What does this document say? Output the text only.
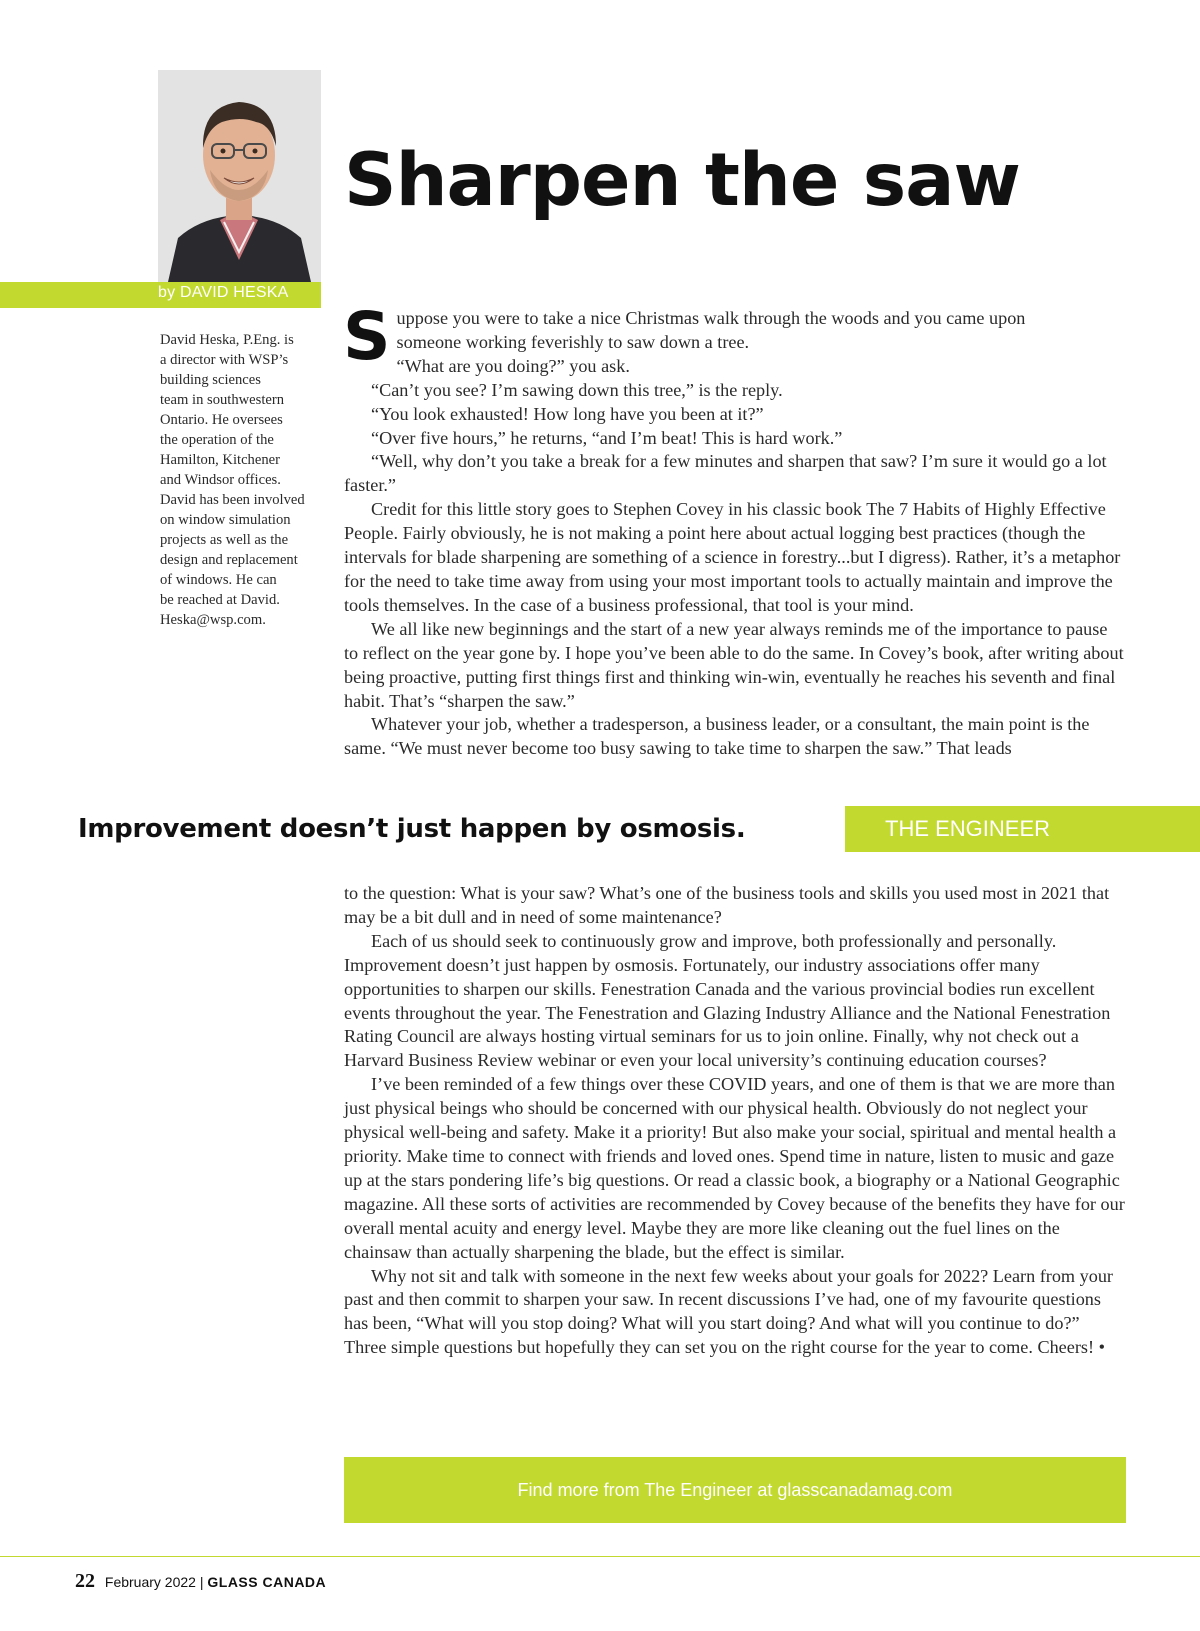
by DAVID HESKA
David Heska, P.Eng. is
a director with WSP’s
building sciences
team in southwestern
Ontario. He oversees
the operation of the
Hamilton, Kitchener
and Windsor offices.
David has been involved
on window simulation
projects as well as the
design and replacement
of windows. He can
be reached at David.
Heska@wsp.com.
Sharpen the saw

S uppose you were to take a nice Christmas walk through the woods and you came upon
someone working feverishly to saw down a tree.
“What are you doing?” you ask.

“Can’t you see? I’m sawing down this tree,” is the reply.

“You look exhausted! How long have you been at it?”

“Over five hours,” he returns, “and I’m beat! This is hard work.”

“Well, why don’t you take a break for a few minutes and sharpen that saw? I’m sure it would go a lot faster.”

Credit for this little story goes to Stephen Covey in his classic book The 7 Habits of Highly Effective People. Fairly obviously, he is not making a point here about actual logging best practices (though the intervals for blade sharpening are something of a science in forestry...but I digress). Rather, it’s a metaphor for the need to take time away from using your most important tools to actually maintain and improve the tools themselves. In the case of a business professional, that tool is your mind.

We all like new beginnings and the start of a new year always reminds me of the importance to pause to reflect on the year gone by. I hope you’ve been able to do the same. In Covey’s book, after writing about being proactive, putting first things first and thinking win-win, eventually he reaches his seventh and final habit. That’s “sharpen the saw.”

Whatever your job, whether a tradesperson, a business leader, or a consultant, the main point is the same. “We must never become too busy sawing to take time to sharpen the saw.” That leads

Improvement doesn’t just happen by osmosis.	THE ENGINEER

to the question: What is your saw? What’s one of the business tools and skills you used most in 2021 that may be a bit dull and in need of some maintenance?

Each of us should seek to continuously grow and improve, both professionally and personally. Improvement doesn’t just happen by osmosis. Fortunately, our industry associations offer many opportunities to sharpen our skills. Fenestration Canada and the various provincial bodies run excellent events throughout the year. The Fenestration and Glazing Industry Alliance and the National Fenestration Rating Council are always hosting virtual seminars for us to join online. Finally, why not check out a Harvard Business Review webinar or even your local university’s continuing education courses?

I’ve been reminded of a few things over these COVID years, and one of them is that we are more than just physical beings who should be concerned with our physical health. Obviously do not neglect your physical well-being and safety. Make it a priority! But also make your social, spiritual and mental health a priority. Make time to connect with friends and loved ones. Spend time in nature, listen to music and gaze up at the stars pondering life’s big questions. Or read a classic book, a biography or a National Geographic magazine. All these sorts of activities are recommended by Covey because of the benefits they have for our overall mental acuity and energy level. Maybe they are more like cleaning out the fuel lines on the chainsaw than actually sharpening the blade, but the effect is similar.

Why not sit and talk with someone in the next few weeks about your goals for 2022? Learn from your past and then commit to sharpen your saw. In recent discussions I’ve had, one of my favourite questions has been, “What will you stop doing? What will you start doing? And what will you continue to do?” Three simple questions but hopefully they can set you on the right course for the year to come. Cheers! •

Find more from The Engineer at glasscanadamag.com
22 February 2022 | GLASS CANADA
